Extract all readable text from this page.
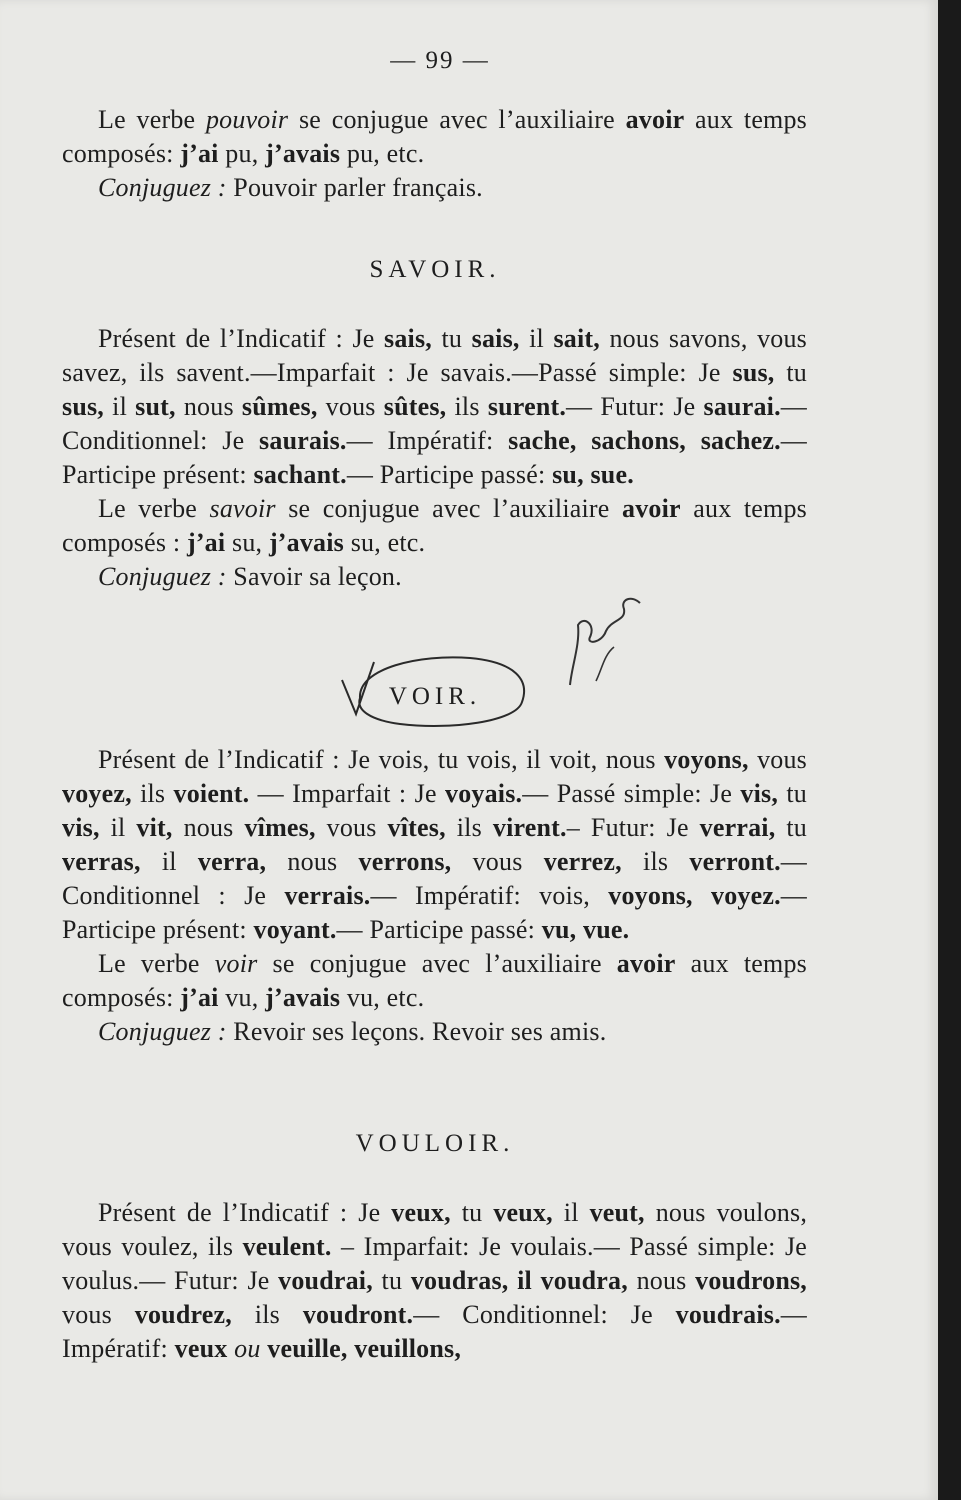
— 99 —

Le verbe pouvoir se conjugue avec l’auxiliaire avoir aux temps composés: j’ai pu, j’avais pu, etc.

Conjuguez : Pouvoir parler français.

SAVOIR.

Présent de l’Indicatif : Je sais, tu sais, il sait, nous savons, vous savez, ils savent.—Imparfait : Je savais.—Passé simple: Je sus, tu sus, il sut, nous sûmes, vous sûtes, ils surent.— Futur: Je saurai.—Conditionnel: Je saurais.— Impératif: sache, sachons, sachez.—Participe présent: sachant.— Participe passé: su, sue.

Le verbe savoir se conjugue avec l’auxiliaire avoir aux temps composés : j’ai su, j’avais su, etc.

Conjuguez : Savoir sa leçon.

VOIR.

Présent de l’Indicatif : Je vois, tu vois, il voit, nous voyons, vous voyez, ils voient. — Imparfait : Je voyais.— Passé simple: Je vis, tu vis, il vit, nous vîmes, vous vîtes, ils virent.– Futur: Je verrai, tu verras, il verra, nous verrons, vous verrez, ils verront.— Conditionnel : Je verrais.— Impératif: vois, voyons, voyez.— Participe présent: voyant.— Participe passé: vu, vue.

Le verbe voir se conjugue avec l’auxiliaire avoir aux temps composés: j’ai vu, j’avais vu, etc.

Conjuguez : Revoir ses leçons. Revoir ses amis.

VOULOIR.

Présent de l’Indicatif : Je veux, tu veux, il veut, nous voulons, vous voulez, ils veulent. – Imparfait: Je voulais.— Passé simple: Je voulus.— Futur: Je voudrai, tu voudras, il voudra, nous voudrons, vous voudrez, ils voudront.— Conditionnel: Je voudrais.—Impératif: veux ou veuille, veuillons,
